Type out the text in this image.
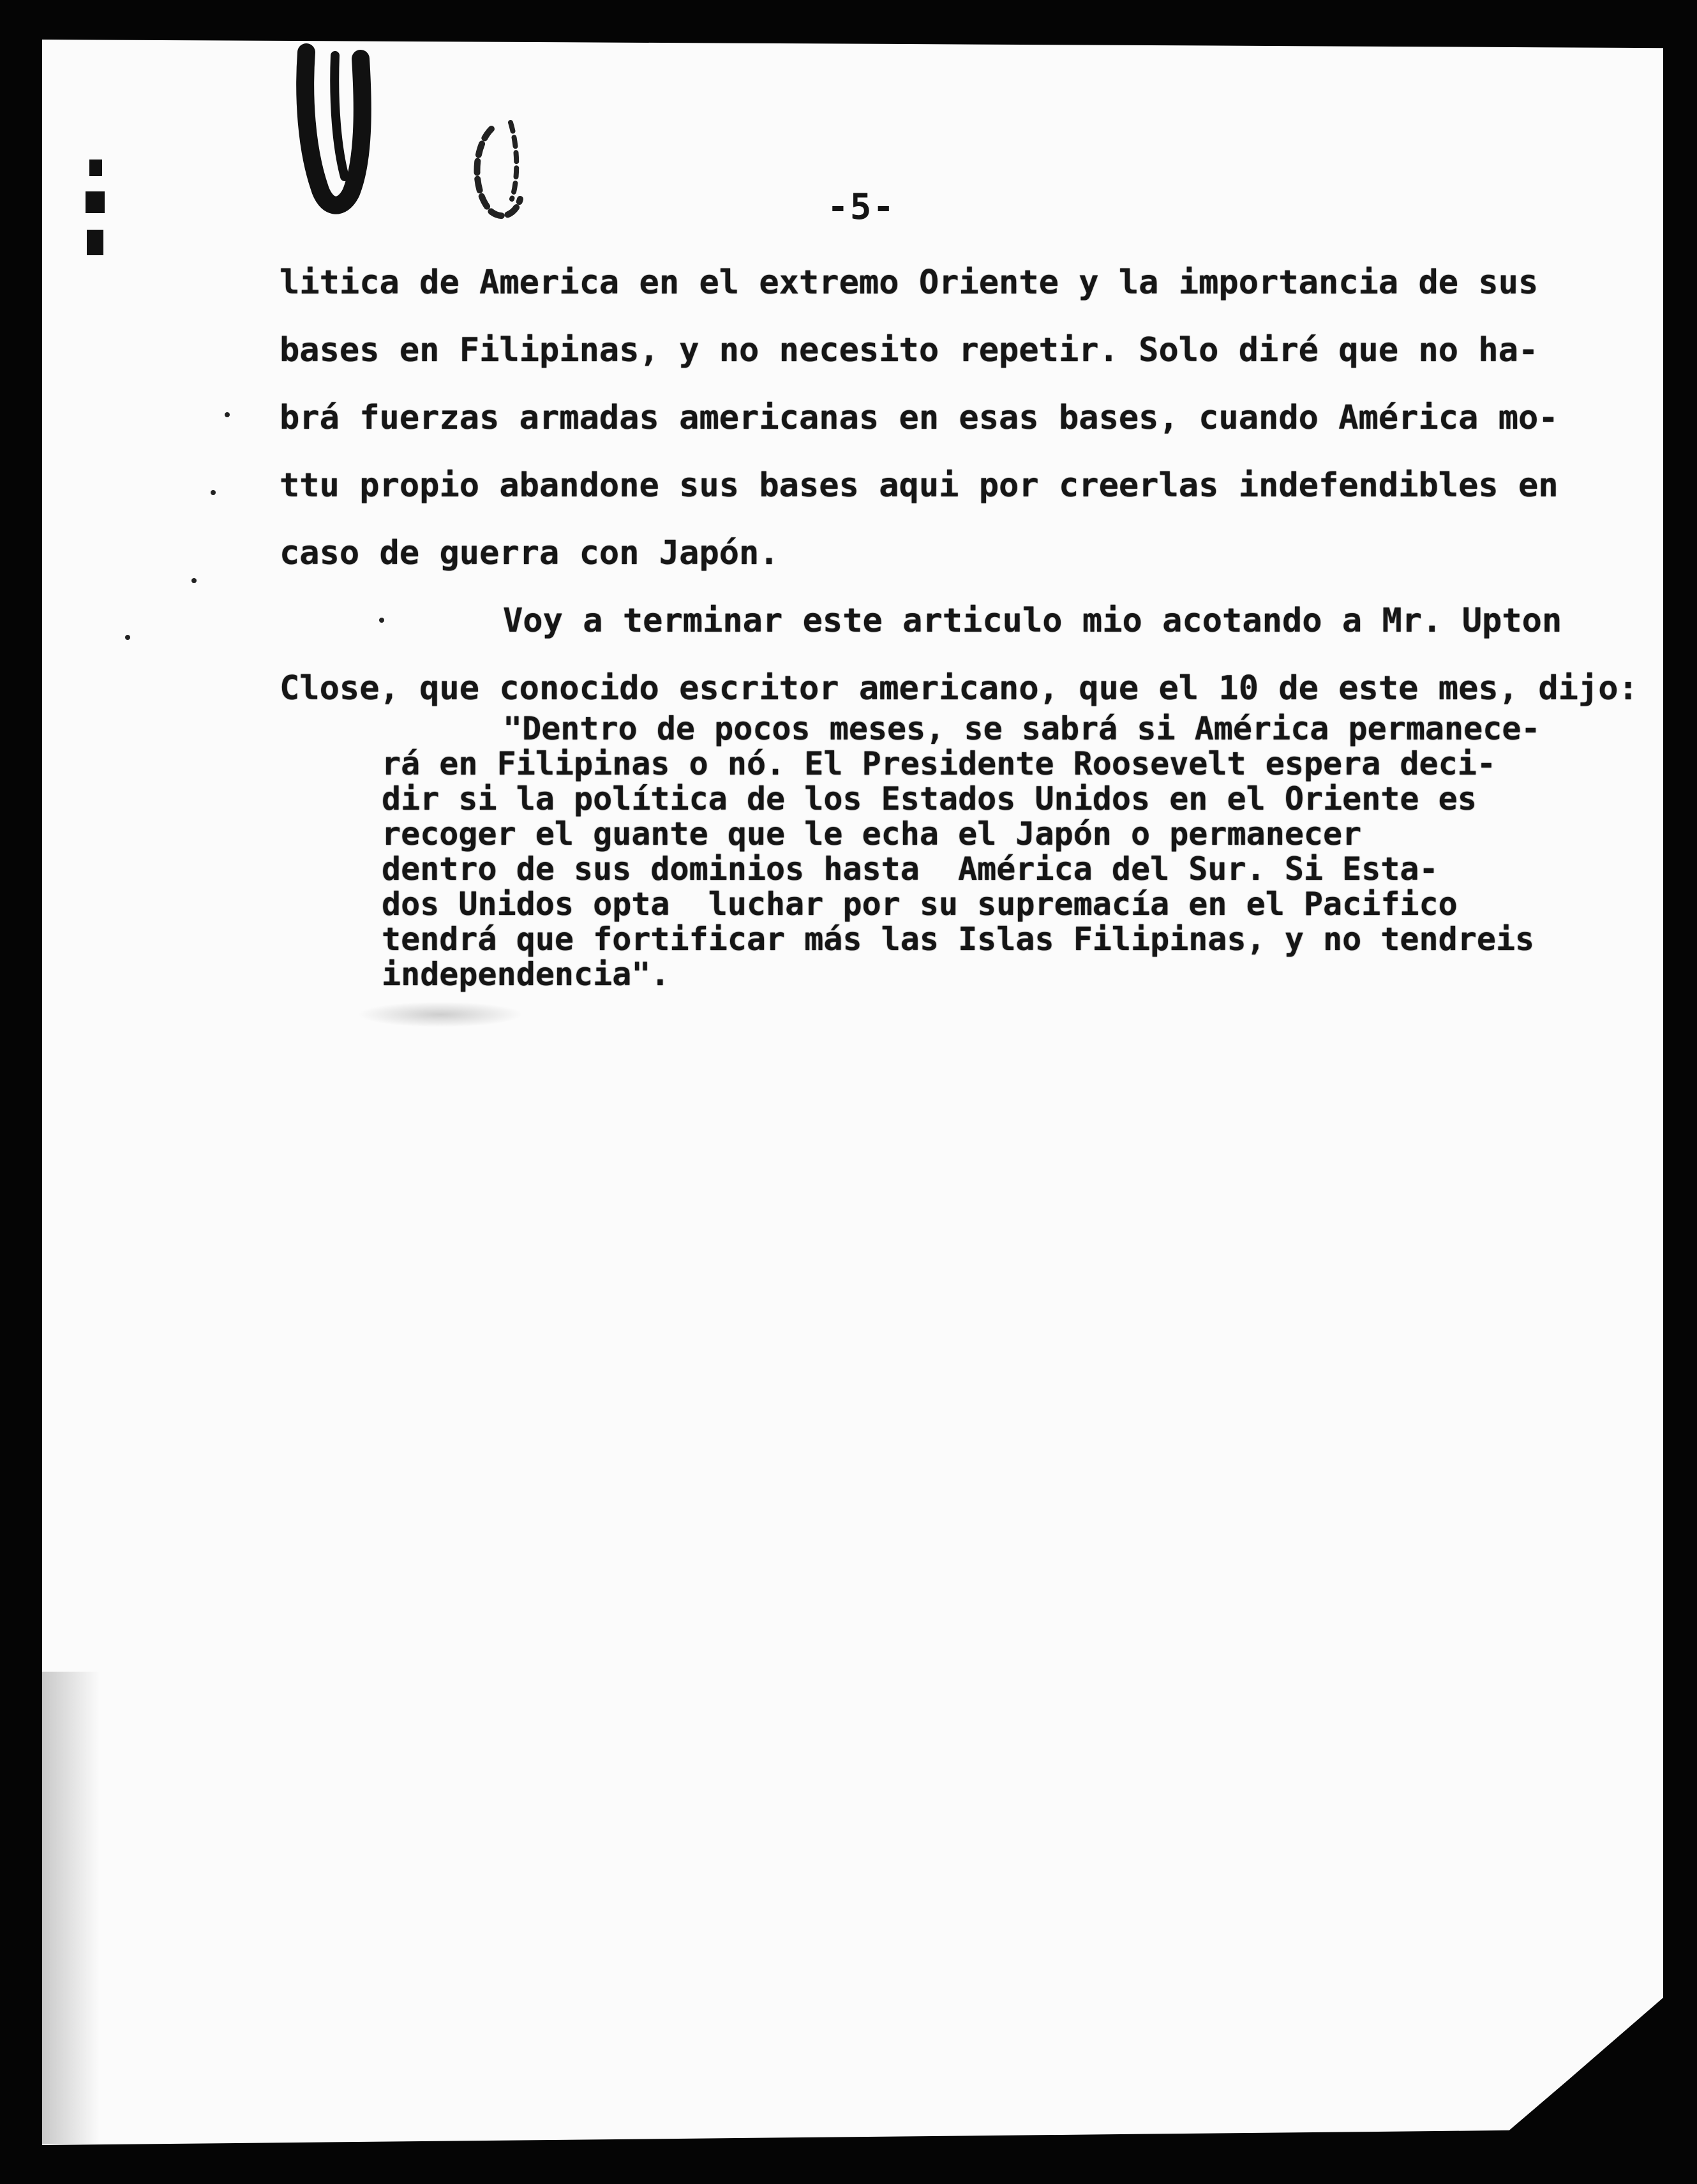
-5-
litica de America en el extremo Oriente y la importancia de sus
bases en Filipinas, y no necesito repetir. Solo diré que no ha-
brá fuerzas armadas americanas en esas bases, cuando América mo-
ttu propio abandone sus bases aqui por creerlas indefendibles en
caso de guerra con Japón.
Voy a terminar este articulo mio acotando a Mr. Upton
Close, que conocido escritor americano, que el 10 de este mes, dijo:
"Dentro de pocos meses, se sabrá si América permanece-
rá en Filipinas o nó. El Presidente Roosevelt espera deci-
dir si la política de los Estados Unidos en el Oriente es
recoger el guante que le echa el Japón o permanecer
dentro de sus dominios hasta  América del Sur. Si Esta-
dos Unidos opta  luchar por su supremacía en el Pacifico
tendrá que fortificar más las Islas Filipinas, y no tendreis
independencia".
